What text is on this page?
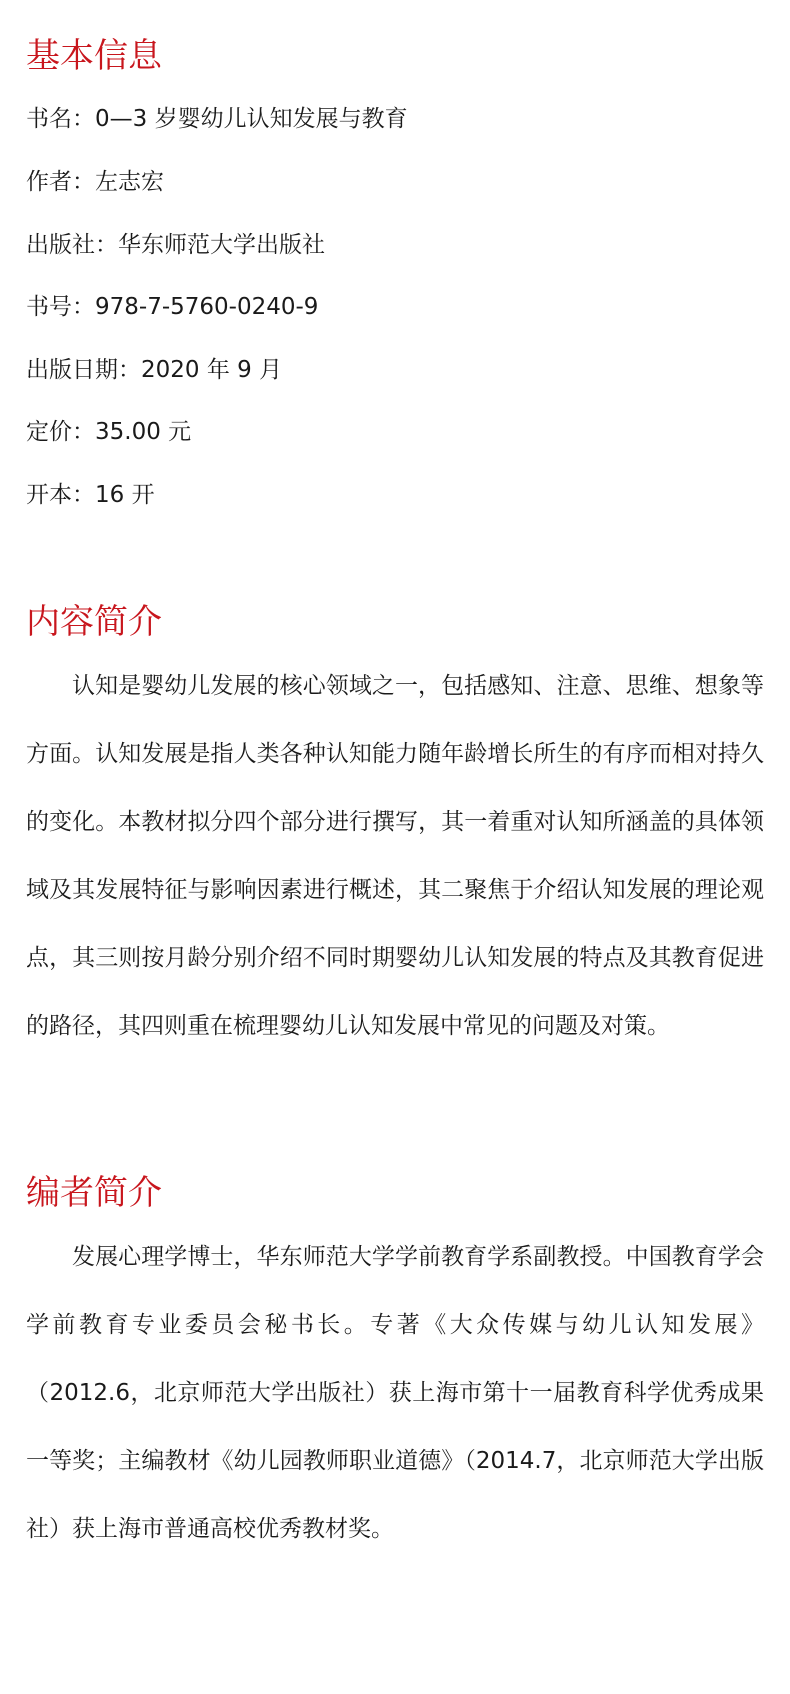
基本信息
书名：0—3 岁婴幼儿认知发展与教育
作者：左志宏
出版社：华东师范大学出版社
书号：978-7-5760-0240-9
出版日期：2020 年 9 月
定价：35.00 元
开本：16 开
内容简介

认知是婴幼儿发展的核心领域之一，包括感知、注意、思维、想象等方面。认知发展是指人类各种认知能力随年龄增长所生的有序而相对持久的变化。本教材拟分四个部分进行撰写，其一着重对认知所涵盖的具体领域及其发展特征与影响因素进行概述，其二聚焦于介绍认知发展的理论观点，其三则按月龄分别介绍不同时期婴幼儿认知发展的特点及其教育促进的路径，其四则重在梳理婴幼儿认知发展中常见的问题及对策。

编者简介

发展心理学博士，华东师范大学学前教育学系副教授。中国教育学会学前教育专业委员会秘书长。专著《大众传媒与幼儿认知发展》（2012.6，北京师范大学出版社）获上海市第十一届教育科学优秀成果一等奖；主编教材《幼儿园教师职业道德》（2014.7，北京师范大学出版社）获上海市普通高校优秀教材奖。
